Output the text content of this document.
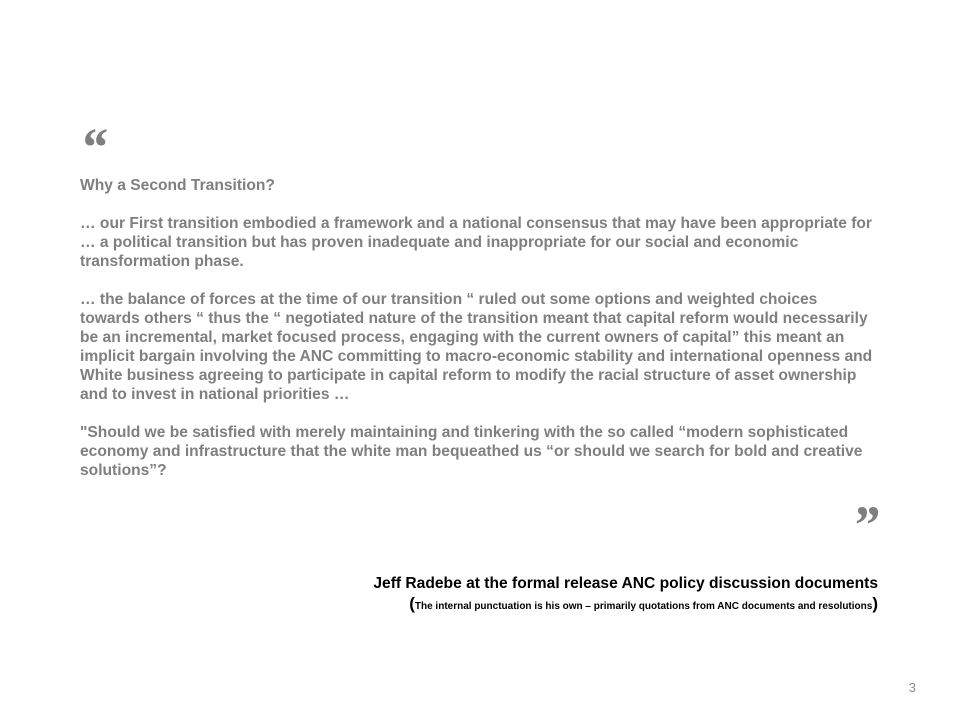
“

Why a Second Transition?

… our First transition embodied a framework and a national consensus that may have been appropriate for … a political transition but has proven inadequate and inappropriate for our social and economic transformation phase.

… the balance of forces at the time of our transition “ ruled out some options and weighted choices towards others “ thus the “ negotiated nature of the transition meant that capital reform would necessarily be an incremental, market focused process, engaging with the current owners of capital” this meant an implicit bargain involving the ANC committing to macro-economic stability and international openness and White business agreeing to participate in capital reform to modify the racial structure of asset ownership and to invest in national priorities …

"Should we be satisfied with merely maintaining and tinkering with the so called “modern sophisticated economy and infrastructure that the white man bequeathed us “or should we search for bold and creative solutions”?

”
Jeff Radebe at the formal release ANC policy discussion documents
(The internal punctuation is his own – primarily quotations from ANC documents and resolutions)
3
